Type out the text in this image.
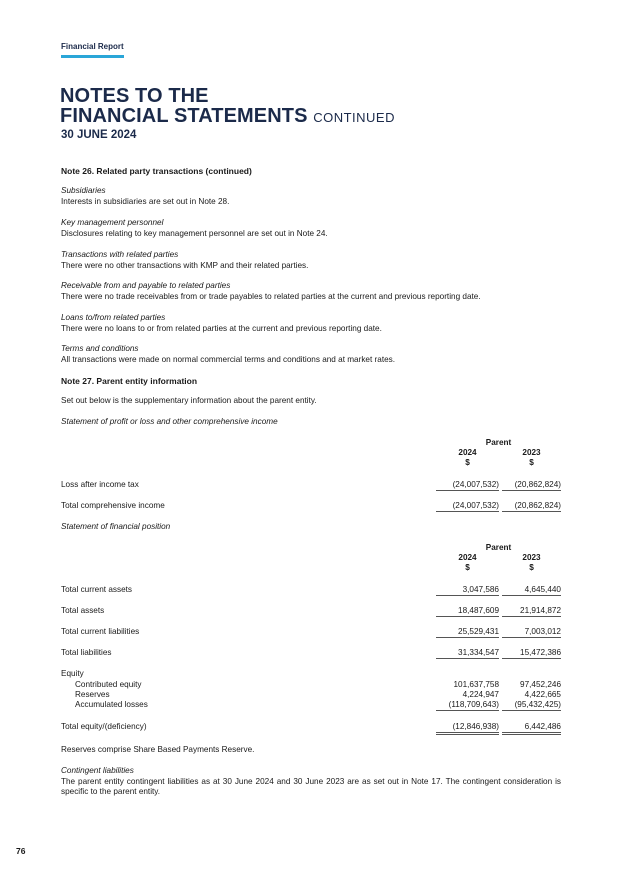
Financial Report
NOTES TO THE
FINANCIAL STATEMENTS CONTINUED
30 JUNE 2024
Note 26. Related party transactions (continued)
Subsidiaries
Interests in subsidiaries are set out in Note 28.
Key management personnel
Disclosures relating to key management personnel are set out in Note 24.
Transactions with related parties
There were no other transactions with KMP and their related parties.
Receivable from and payable to related parties
There were no trade receivables from or trade payables to related parties at the current and previous reporting date.
Loans to/from related parties
There were no loans to or from related parties at the current and previous reporting date.
Terms and conditions
All transactions were made on normal commercial terms and conditions and at market rates.
Note 27. Parent entity information
Set out below is the supplementary information about the parent entity.
Statement of profit or loss and other comprehensive income
Parent
2024	2023
$	$
Loss after income tax	(24,007,532)	(20,862,824)
Total comprehensive income	(24,007,532)	(20,862,824)
Statement of financial position
Parent
2024	2023
$	$
Total current assets	3,047,586	4,645,440
Total assets	18,487,609	21,914,872
Total current liabilities	25,529,431	7,003,012
Total liabilities	31,334,547	15,472,386
Equity
Contributed equity	101,637,758	97,452,246
Reserves	4,224,947	4,422,665
Accumulated losses	(118,709,643)	(95,432,425)
Total equity/(deficiency)	(12,846,938)	6,442,486
Reserves comprise Share Based Payments Reserve.
Contingent liabilities
The parent entity contingent liabilities as at 30 June 2024 and 30 June 2023 are as set out in Note 17. The contingent consideration is specific to the parent entity.
76
